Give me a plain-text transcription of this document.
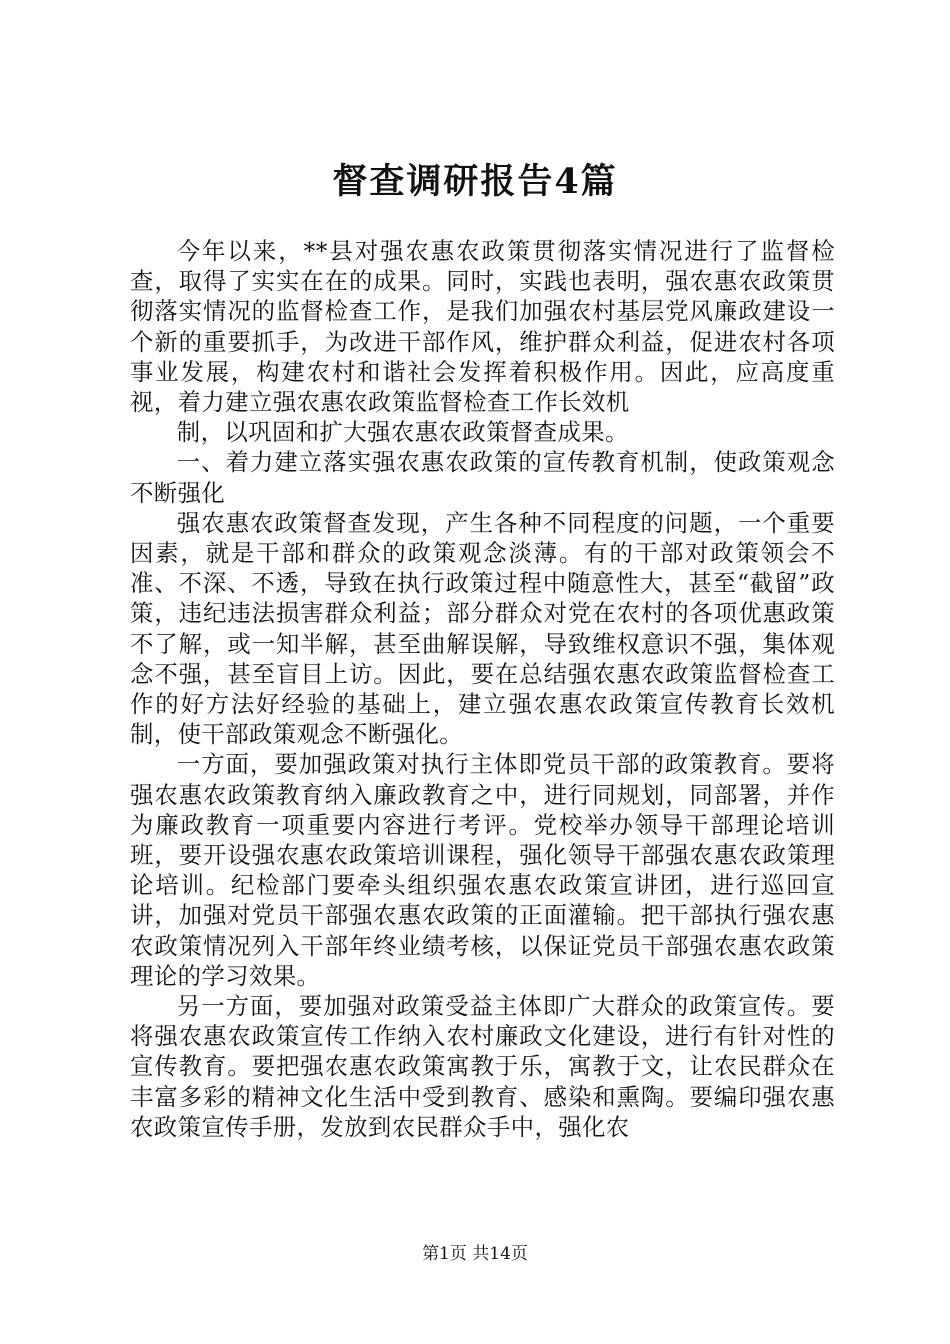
督查调研报告4篇

今年以来，**县对强农惠农政策贯彻落实情况进行了监督检查，取得了实实在在的成果。同时，实践也表明，强农惠农政策贯彻落实情况的监督检查工作，是我们加强农村基层党风廉政建设一个新的重要抓手，为改进干部作风，维护群众利益，促进农村各项事业发展，构建农村和谐社会发挥着积极作用。因此，应高度重视，着力建立强农惠农政策监督检查工作长效机

制，以巩固和扩大强农惠农政策督查成果。

一、着力建立落实强农惠农政策的宣传教育机制，使政策观念不断强化

强农惠农政策督查发现，产生各种不同程度的问题，一个重要因素，就是干部和群众的政策观念淡薄。有的干部对政策领会不准、不深、不透，导致在执行政策过程中随意性大，甚至“截留”政策，违纪违法损害群众利益；部分群众对党在农村的各项优惠政策不了解，或一知半解，甚至曲解误解，导致维权意识不强，集体观念不强，甚至盲目上访。因此，要在总结强农惠农政策监督检查工作的好方法好经验的基础上，建立强农惠农政策宣传教育长效机制，使干部政策观念不断强化。

一方面，要加强政策对执行主体即党员干部的政策教育。要将强农惠农政策教育纳入廉政教育之中，进行同规划，同部署，并作为廉政教育一项重要内容进行考评。党校举办领导干部理论培训班，要开设强农惠农政策培训课程，强化领导干部强农惠农政策理论培训。纪检部门要牵头组织强农惠农政策宣讲团，进行巡回宣讲，加强对党员干部强农惠农政策的正面灌输。把干部执行强农惠农政策情况列入干部年终业绩考核，以保证党员干部强农惠农政策理论的学习效果。

另一方面，要加强对政策受益主体即广大群众的政策宣传。要将强农惠农政策宣传工作纳入农村廉政文化建设，进行有针对性的宣传教育。要把强农惠农政策寓教于乐，寓教于文，让农民群众在丰富多彩的精神文化生活中受到教育、感染和熏陶。要编印强农惠农政策宣传手册，发放到农民群众手中，强化农

第1页 共14页
